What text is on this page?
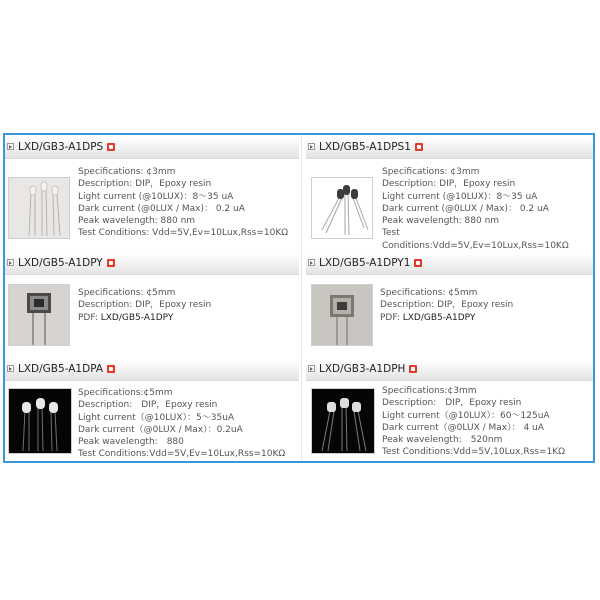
LXD/GB3-A1DPS
Specifications: ¢3mm
Description: DIP，Epoxy resin
Light current (@10LUX)：8～35 uA
Dark current (@0LUX / Max)： 0.2 uA
Peak wavelength: 880 nm
Test Conditions: Vdd=5V,Ev=10Lux,Rss=10KΩ
LXD/GB5-A1DPS1
Specifications: ¢3mm
Description: DIP，Epoxy resin
Light current (@10LUX)：8～35 uA
Dark current (@0LUX / Max)： 0.2 uA
Peak wavelength: 880 nm
Test
Conditions:Vdd=5V,Ev=10Lux,Rss=10KΩ
LXD/GB5-A1DPY
Specifications: ¢5mm
Description: DIP，Epoxy resin
PDF: LXD/GB5-A1DPY
LXD/GB5-A1DPY1
Specifications: ¢5mm
Description: DIP，Epoxy resin
PDF: LXD/GB5-A1DPY
LXD/GB5-A1DPA
Specifications:¢5mm
Description:　DIP，Epoxy resin
Light current（@10LUX）：5～35uA
Dark current（@0LUX / Max）：0.2uA
Peak wavelength:　880
Test Conditions:Vdd=5V,Ev=10Lux,Rss=10KΩ
LXD/GB3-A1DPH
Specifications:¢3mm
Description:　DIP，Epoxy resin
Light current（@10LUX）：60～125uA
Dark current（@0LUX / Max）： 4 uA
Peak wavelength:　520nm
Test Conditions:Vdd=5V,10Lux,Rss=1KΩ
